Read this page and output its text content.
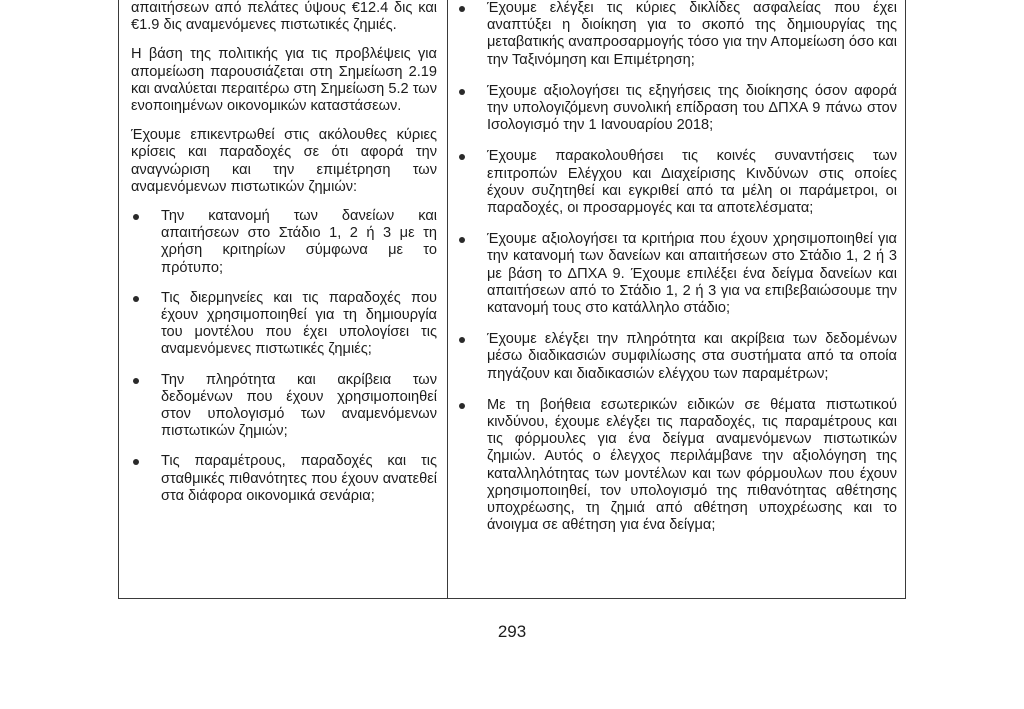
απαιτήσεων από πελάτες ύψους €12.4 δις και €1.9 δις αναμενόμενες πιστωτικές ζημιές.

Η βάση της πολιτικής για τις προβλέψεις για απομείωση παρουσιάζεται στη Σημείωση 2.19 και αναλύεται περαιτέρω στη Σημείωση 5.2 των ενοποιημένων οικονομικών καταστάσεων.

Έχουμε επικεντρωθεί στις ακόλουθες κύριες κρίσεις και παραδοχές σε ότι αφορά την αναγνώριση και την επιμέτρηση των αναμενόμενων πιστωτικών ζημιών:

Την κατανομή των δανείων και απαιτήσεων στο Στάδιο 1, 2 ή 3 με τη χρήση κριτηρίων σύμφωνα με το πρότυπο;
Τις διερμηνείες και τις παραδοχές που έχουν χρησιμοποιηθεί για τη δημιουργία του μοντέλου που έχει υπολογίσει τις αναμενόμενες πιστωτικές ζημιές;
Την πληρότητα και ακρίβεια των δεδομένων που έχουν χρησιμοποιηθεί στον υπολογισμό των αναμενόμενων πιστωτικών ζημιών;
Τις παραμέτρους, παραδοχές και τις σταθμικές πιθανότητες που έχουν ανατεθεί στα διάφορα οικονομικά σενάρια;
Έχουμε ελέγξει τις κύριες δικλίδες ασφαλείας που έχει αναπτύξει η διοίκηση για το σκοπό της δημιουργίας της μεταβατικής αναπροσαρμογής τόσο για την Απομείωση όσο και την Ταξινόμηση και Επιμέτρηση;
Έχουμε αξιολογήσει τις εξηγήσεις της διοίκησης όσον αφορά την υπολογιζόμενη συνολική επίδραση του ΔΠΧΑ 9 πάνω στον Ισολογισμό την 1 Ιανουαρίου 2018;
Έχουμε παρακολουθήσει τις κοινές συναντήσεις των επιτροπών Ελέγχου και Διαχείρισης Κινδύνων στις οποίες έχουν συζητηθεί και εγκριθεί από τα μέλη οι παράμετροι, οι παραδοχές, οι προσαρμογές και τα αποτελέσματα;
Έχουμε αξιολογήσει τα κριτήρια που έχουν χρησιμοποιηθεί για την κατανομή των δανείων και απαιτήσεων στο Στάδιο 1, 2 ή 3 με βάση το ΔΠΧΑ 9. Έχουμε επιλέξει ένα δείγμα δανείων και απαιτήσεων από το Στάδιο 1, 2 ή 3 για να επιβεβαιώσουμε την κατανομή τους στο κατάλληλο στάδιο;
Έχουμε ελέγξει την πληρότητα και ακρίβεια των δεδομένων μέσω διαδικασιών συμφιλίωσης στα συστήματα από τα οποία πηγάζουν και διαδικασιών ελέγχου των παραμέτρων;
Με τη βοήθεια εσωτερικών ειδικών σε θέματα πιστωτικού κινδύνου, έχουμε ελέγξει τις παραδοχές, τις παραμέτρους και τις φόρμουλες για ένα δείγμα αναμενόμενων πιστωτικών ζημιών. Αυτός ο έλεγχος περιλάμβανε την αξιολόγηση της καταλληλότητας των μοντέλων και των φόρμουλων που έχουν χρησιμοποιηθεί, τον υπολογισμό της πιθανότητας αθέτησης υποχρέωσης, τη ζημιά από αθέτηση υποχρέωσης και το άνοιγμα σε αθέτηση για ένα δείγμα;
293
